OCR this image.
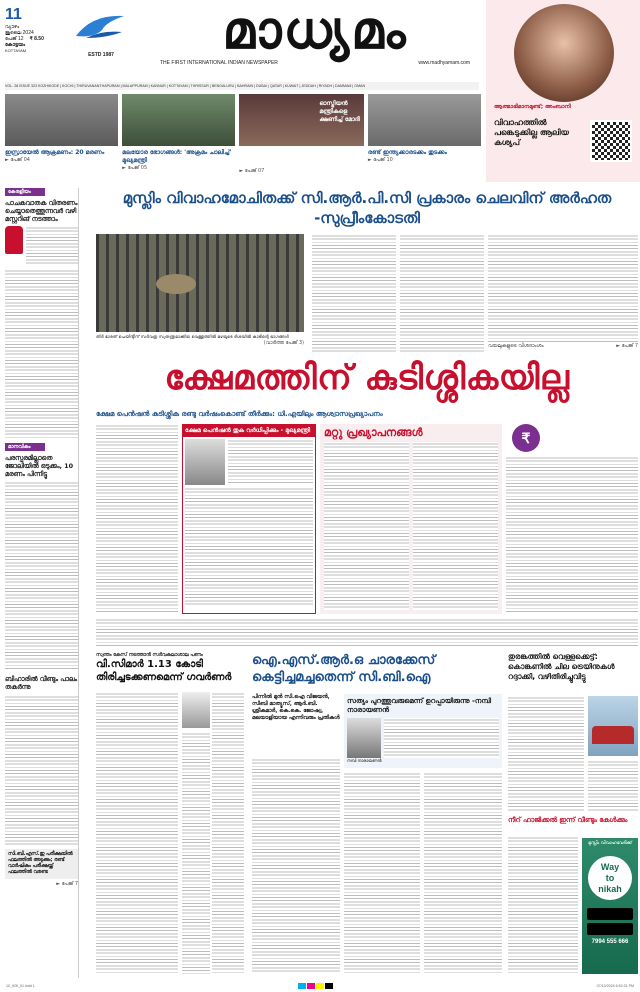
11
വ്യാഴം
ജൂലൈ 2024
പേജ് 12 ₹ 8.50
കോട്ടയം
KOTTAYAM
ESTD 1987	മാധ്യമം
THE FIRST INTERNATIONAL INDIAN NEWSPAPER	www.madhyamam.com
VOL. 28 ISSUE 323 KOZHIKODE | KOCHI | THIRUVANANTHAPURAM | MALAPPURAM | KANNUR | KOTTAYAM | THRISSUR | BENGALURU | BAHRAIN | DUBAI | QATAR | KUWAIT | JEDDAH | RIYADH | DAMMAM | OMAN
ആത്മാഭിമാനമുണ്ട്; അംബാനി
വിവാഹത്തിൽ പങ്കെടുക്കില്ല ആലിയ കശ്യപ്
ഇസ്രായേൽ ആക്രമണം: 20 മരണം
► പേജ് 04
മലയോര ഭോഗങ്ങൾ: 'അക്രമം ചാലിച്ച്' മുഖ്യമന്ത്രി
► പേജ് 05
ഓസ്ട്രിയൻ മന്ത്രികളെ ക്ഷണിച്ച് മോദി
► പേജ് 07
രണ്ട് ഇന്ത്യക്കാരടക്കം തുടക്കം
► പേജ് 10
കേരളീയം
പാചകവാതക വിതരണം ചെയ്യാതെത്തുന്നവർ വഴി മസ്റ്ററിങ് നടത്താം
മാനവികം
പരസ്പരമില്ലാതെ ജോലിയിൽ ഒടുക്കം, 10 മരണം പിന്നിട്ടു
ബിഹാരിൽ വീണ്ടും പാലം തകർന്നു
സി.ബി.എസ്.ഇ പരീക്ഷയിൽ ഫലത്തിൽ അടുക്കും; രണ്ട് വാർഷികം പരീക്ഷയ്ക്ക് ഫലത്തിൽ വരണ്ട
► പേജ് 7
മുസ്ലിം വിവാഹമോചിതക്ക് സി.ആർ.പി.സി പ്രകാരം ചെലവിന് അർഹത -സുപ്രീംകോടതി
തീർ ഭാരത് പെയിന്റിന് സർവത്ര സ്വതന്ത്രമാക്കിയ വെള്ളത്തിൽ മഴയുടെ ദിശയിൽ കാടിന്റെ ഭാഗങ്ങൾ
(വാർത്ത പേജ് 3)
വയലുകളുടെ വിശദാംശം	► പേജ് 7
ക്ഷേമത്തിന് കുടിശ്ശികയില്ല
ക്ഷേമ പെൻഷൻ കുടിശ്ശിക രണ്ടു വർഷംകൊണ്ട് തീർക്കും: ധി.എയിലും ആശ്വാസപ്രഖ്യാപനം
ക്ഷേമ പെൻഷൻ തുക വർധിപ്പിക്കും - മുഖ്യമന്ത്രി	മറ്റു പ്രഖ്യാപനങ്ങൾ	₹
സ്വന്തം കേസ് നടത്താൻ സർവകലാശാല പണം
വി.സിമാർ 1.13 കോടി തിരിച്ചടക്കണമെന്ന് ഗവർണർ
ഐ.എസ്.ആർ.ഒ ചാരക്കേസ് കെട്ടിച്ചമച്ചതെന്ന് സി.ബി.ഐ
പിന്നിൽ മുൻ സി.ഐ വിജയൻ, സിബി മാത്യൂസ്, ആർ.ബി. ശ്രീകുമാർ, കെ.കെ. ജോഷ്വ, മലയാളിയായ എന്നിവരും പ്രതികൾ
സത്യം പുറത്തുവരുമെന്ന് ഉറപ്പായിരുന്നു -നമ്പി നാരായണൻ
നമ്പി നാരായണൻ
തുരങ്കത്തിൽ വെള്ളക്കെട്ട്: കൊങ്കണിൽ ചില ട്രെയിനുകൾ റദ്ദാക്കി, വഴിതിരിച്ചുവിട്ടു
നീറ് ഹാജിക്കൽ ഇന്ന് വീണ്ടും കേൾക്കും
മുസ്ലിം വിവാഹവേദിക്ക്
Way
to
nikah
7994 555 666
10_K0ll_01.indd 1	07/10/2024 6:52:31 PM
